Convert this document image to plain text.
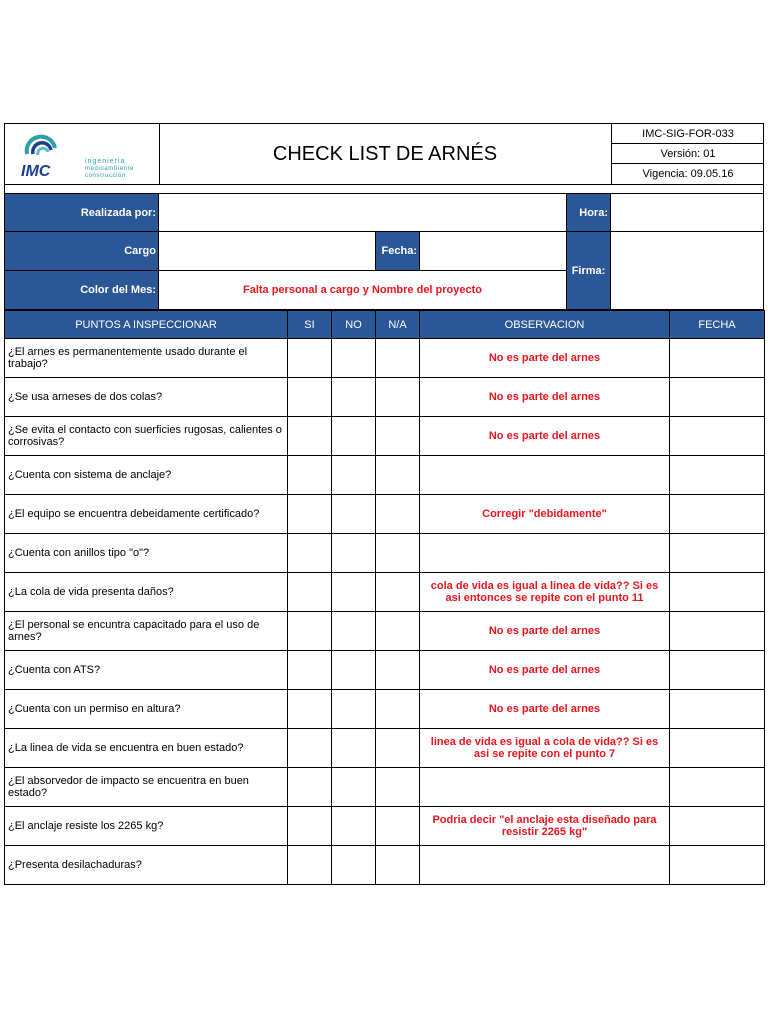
IMC
ingenieria
medioambiente
construcción
CHECK LIST DE ARNÉS
IMC-SIG-FOR-033
Versión: 01
Vigencia: 09.05.16
Realizada por:	Hora:
Cargo	Fecha:
Firma:
Color del Mes:	Falta personal a cargo y Nombre del proyecto
PUNTOS A INSPECCIONAR	SI	NO	N/A	OBSERVACION	FECHA
¿El arnes es permanentemente usado durante el trabajo?				No es parte del arnes	
¿Se usa arneses de dos colas?				No es parte del arnes	
¿Se evita el contacto con suerficies rugosas, calientes o corrosivas?				No es parte del arnes	
¿Cuenta con sistema de anclaje?					
¿El equipo se encuentra debeidamente certificado?				Corregir "debidamente"	
¿Cuenta con anillos tipo "o"?					
¿La cola de vida presenta daños?				cola de vida es igual a linea de vida?? Si es asi entonces se repite con el punto 11	
¿El personal se encuntra capacitado para el uso de arnes?				No es parte del arnes	
¿Cuenta con ATS?				No es parte del arnes	
¿Cuenta con un permiso en altura?				No es parte del arnes	
¿La linea de vida se encuentra en buen estado?				linea de vida es igual a cola de vida?? Si es asi se repite con el punto 7	
¿El absorvedor de impacto se encuentra en buen estado?					
¿El anclaje resiste los 2265 kg?				Podria decir "el anclaje esta diseñado para resistir 2265 kg"	
¿Presenta desilachaduras?					
